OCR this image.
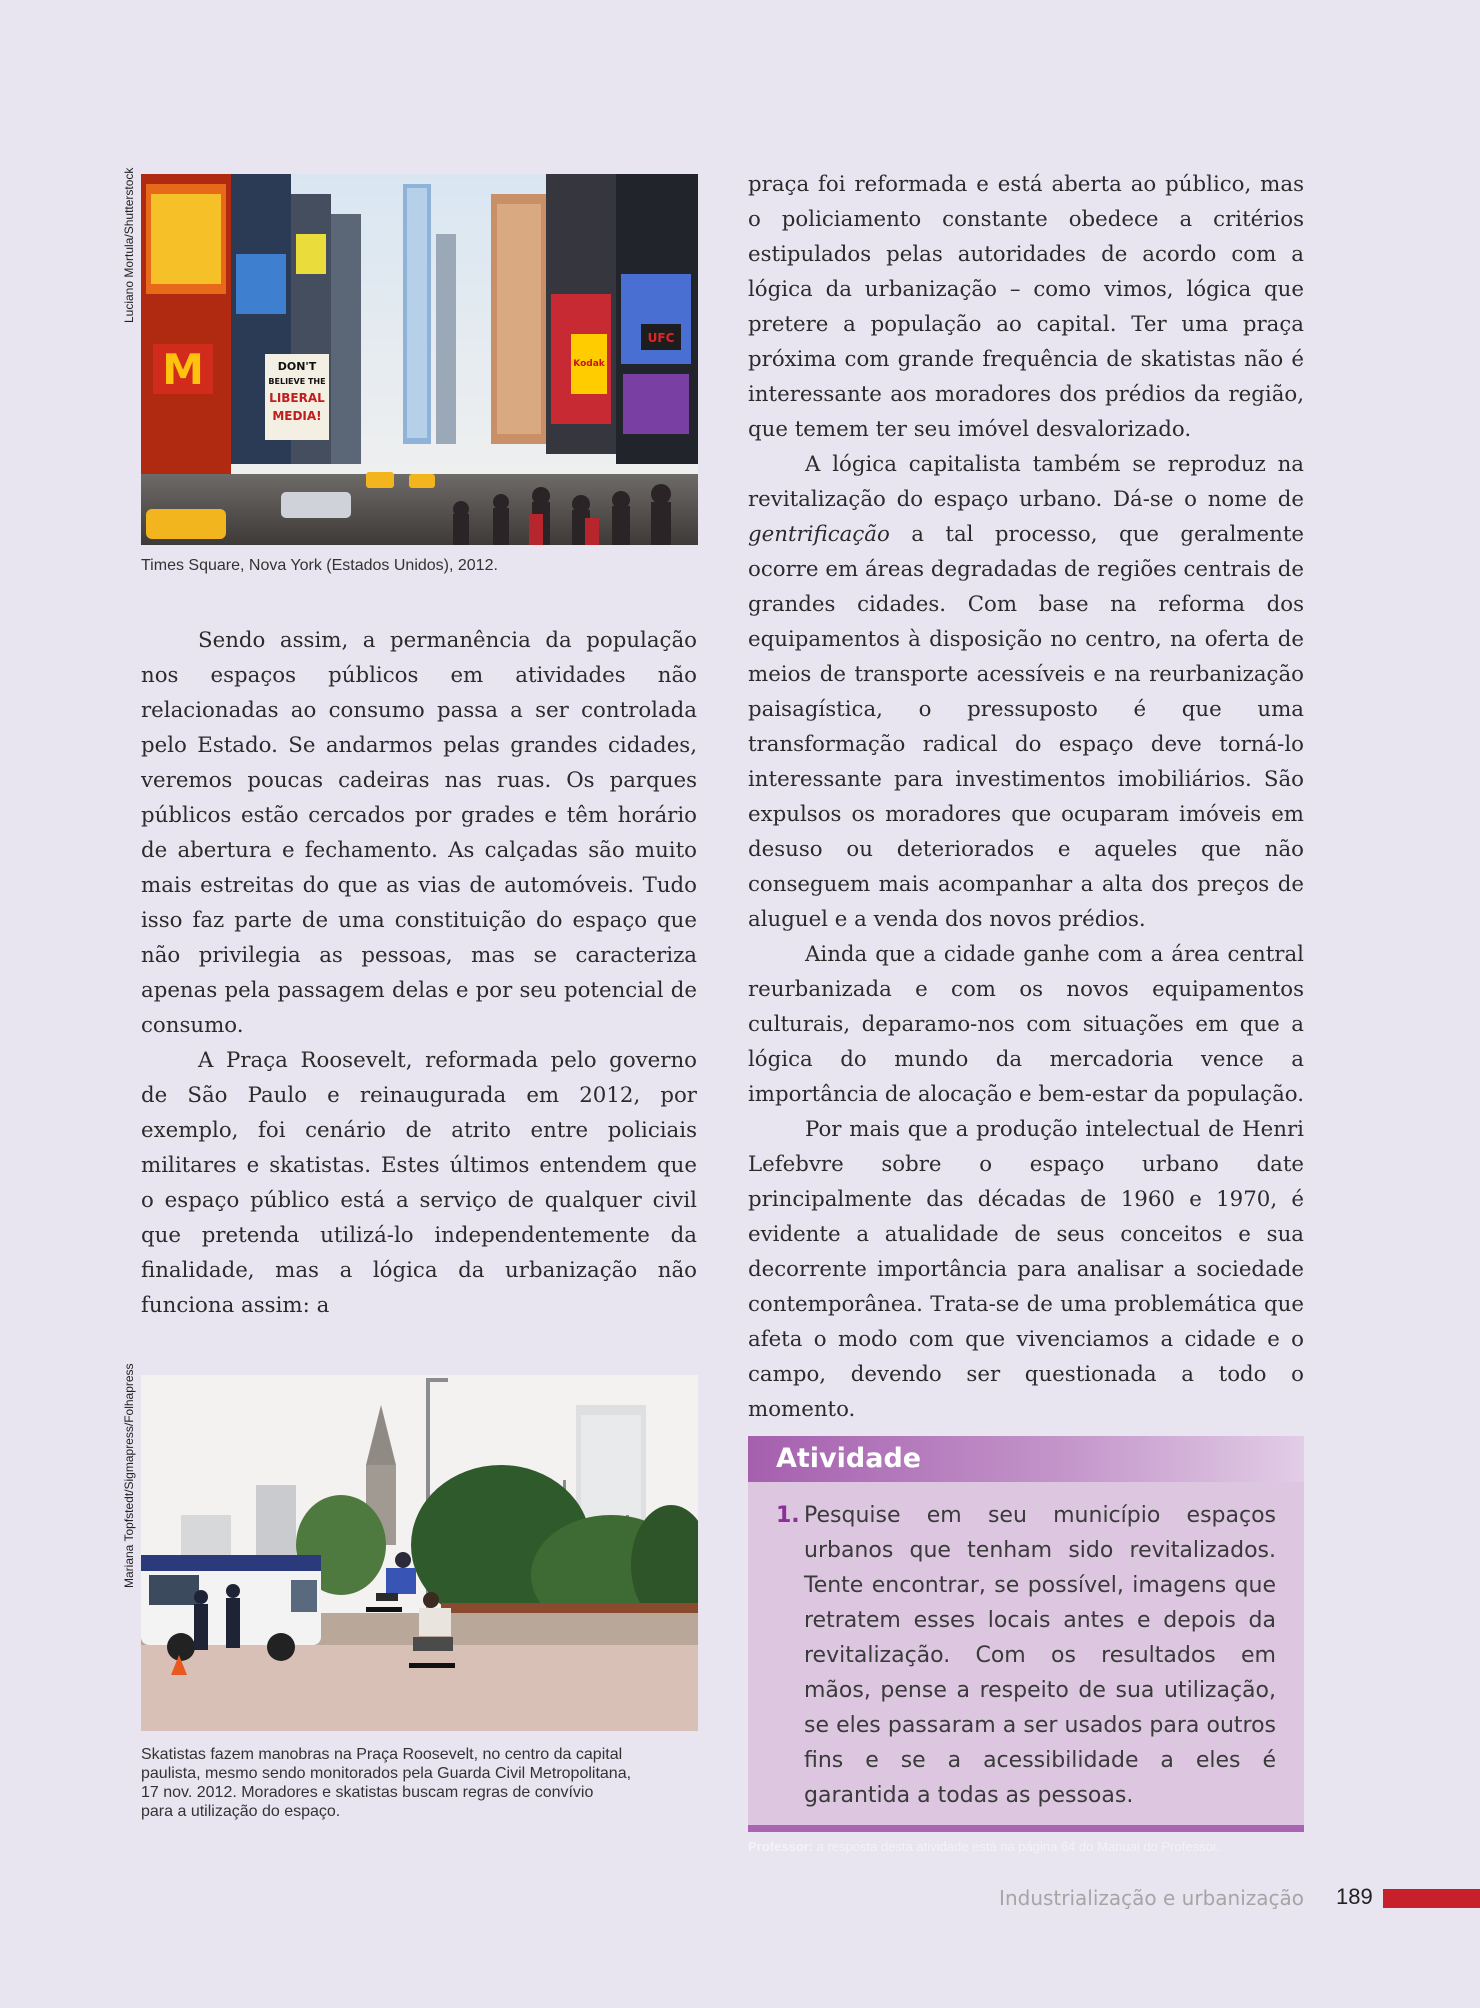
Luciano Mortula/Shutterstock
M	DON'T
BELIEVE THE
LIBERAL
MEDIA!
Kodak
UFC

Times Square, Nova York (Estados Unidos), 2012.

Sendo assim, a permanência da população nos espaços públicos em atividades não relacionadas ao consumo passa a ser controlada pelo Estado. Se andarmos pelas grandes cidades, veremos poucas cadeiras nas ruas. Os parques públicos estão cercados por grades e têm horário de abertura e fechamento. As calçadas são muito mais estreitas do que as vias de automóveis. Tudo isso faz parte de uma constituição do espaço que não privilegia as pessoas, mas se caracteriza apenas pela passagem delas e por seu potencial de consumo.

A Praça Roosevelt, reformada pelo governo de São Paulo e reinaugurada em 2012, por exemplo, foi cenário de atrito entre policiais militares e skatistas. Estes últimos entendem que o espaço público está a serviço de qualquer civil que pretenda utilizá-lo independentemente da finalidade, mas a lógica da urbanização não funciona assim: a

Mariana Topfstedt/Sigmapress/Folhapress

Skatistas fazem manobras na Praça Roosevelt, no centro da capital

paulista, mesmo sendo monitorados pela Guarda Civil Metropolitana,

17 nov. 2012. Moradores e skatistas buscam regras de convívio

para a utilização do espaço.

praça foi reformada e está aberta ao público, mas o policiamento constante obedece a critérios estipulados pelas autoridades de acordo com a lógica da urbanização – como vimos, lógica que pretere a população ao capital. Ter uma praça próxima com grande frequência de skatistas não é interessante aos moradores dos prédios da região, que temem ter seu imóvel desvalorizado.

A lógica capitalista também se reproduz na revitalização do espaço urbano. Dá-se o nome de gentrificação a tal processo, que geralmente ocorre em áreas degradadas de regiões centrais de grandes cidades. Com base na reforma dos equipamentos à disposição no centro, na oferta de meios de transporte acessíveis e na reurbanização paisagística, o pressuposto é que uma transformação radical do espaço deve torná-lo interessante para investimentos imobiliários. São expulsos os moradores que ocuparam imóveis em desuso ou deteriorados e aqueles que não conseguem mais acompanhar a alta dos preços de aluguel e a venda dos novos prédios.

Ainda que a cidade ganhe com a área central reurbanizada e com os novos equipamentos culturais, deparamo-nos com situações em que a lógica do mundo da mercadoria vence a importância de alocação e bem-estar da população.

Por mais que a produção intelectual de Henri Lefebvre sobre o espaço urbano date principalmente das décadas de 1960 e 1970, é evidente a atualidade de seus conceitos e sua decorrente importância para analisar a sociedade contemporânea. Trata-se de uma problemática que afeta o modo com que vivenciamos a cidade e o campo, devendo ser questionada a todo o momento.

Atividade
1. Pesquise em seu município espaços urbanos que tenham sido revitalizados. Tente encontrar, se possível, imagens que retratem esses locais antes e depois da revitalização. Com os resultados em mãos, pense a respeito de sua utilização, se eles passaram a ser usados para outros fins e se a acessibilidade a eles é garantida a todas as pessoas.
Professor: a resposta desta atividade está na página 64 do Manual do Professor.
Industrialização e urbanização 189
